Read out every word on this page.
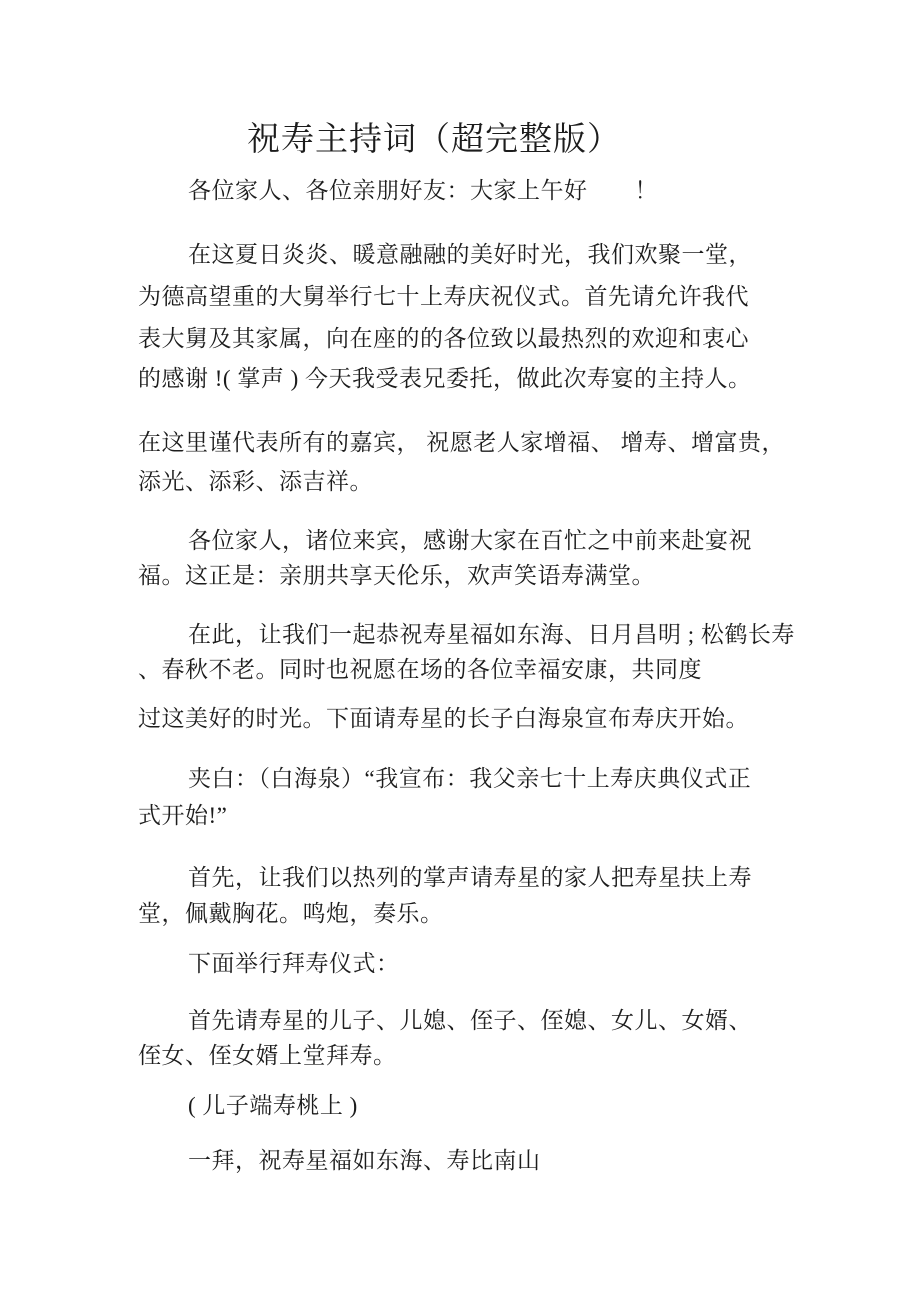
祝寿主持词（超完整版）
各位家人、各位亲朋好友：大家上午好　　！
在这夏日炎炎、暖意融融的美好时光，我们欢聚一堂，
为德高望重的大舅举行七十上寿庆祝仪式。首先请允许我代
表大舅及其家属，向在座的的各位致以最热烈的欢迎和衷心
的感谢 !( 掌声 ) 今天我受表兄委托，做此次寿宴的主持人。
在这里谨代表所有的嘉宾， 祝愿老人家增福、 增寿、增富贵，
添光、添彩、添吉祥。
各位家人，诸位来宾，感谢大家在百忙之中前来赴宴祝
福。这正是：亲朋共享天伦乐，欢声笑语寿满堂。
在此，让我们一起恭祝寿星福如东海、日月昌明 ; 松鹤长寿
、春秋不老。同时也祝愿在场的各位幸福安康，共同度
过这美好的时光。下面请寿星的长子白海泉宣布寿庆开始。
夹白：（白海泉）“我宣布：我父亲七十上寿庆典仪式正
式开始!”
首先，让我们以热列的掌声请寿星的家人把寿星扶上寿
堂，佩戴胸花。鸣炮，奏乐。
下面举行拜寿仪式：
首先请寿星的儿子、儿媳、侄子、侄媳、女儿、女婿、
侄女、侄女婿上堂拜寿。
( 儿子端寿桃上 )
一拜，祝寿星福如东海、寿比南山
